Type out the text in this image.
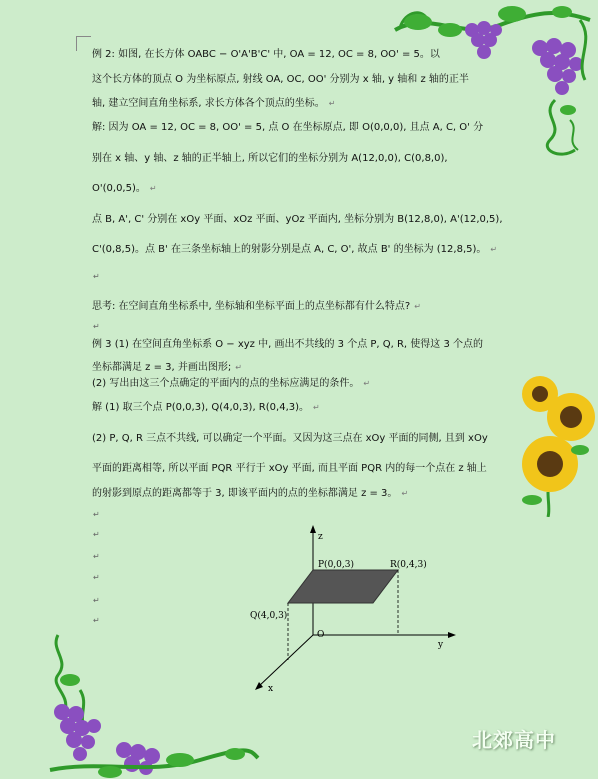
例 2: 如图, 在长方体 OABC − O'A'B'C' 中, OA = 12, OC = 8, OO' = 5。以
这个长方体的顶点 O 为坐标原点, 射线 OA, OC, OO' 分别为 x 轴, y 轴和 z 轴的正半
轴, 建立空间直角坐标系, 求长方体各个顶点的坐标。 ↵
解: 因为 OA = 12, OC = 8, OO' = 5, 点 O 在坐标原点, 即 O(0,0,0), 且点 A, C, O' 分
别在 x 轴、y 轴、z 轴的正半轴上, 所以它们的坐标分别为 A(12,0,0), C(0,8,0),
O'(0,0,5)。 ↵
点 B, A', C' 分别在 xOy 平面、xOz 平面、yOz 平面内, 坐标分别为 B(12,8,0), A'(12,0,5),
C'(0,8,5)。点 B' 在三条坐标轴上的射影分别是点 A, C, O', 故点 B' 的坐标为 (12,8,5)。 ↵
↵
思考: 在空间直角坐标系中, 坐标轴和坐标平面上的点坐标都有什么特点? ↵
↵
例 3 (1) 在空间直角坐标系 O − xyz 中, 画出不共线的 3 个点 P, Q, R, 使得这 3 个点的
坐标都满足 z = 3, 并画出图形; ↵
(2) 写出由这三个点确定的平面内的点的坐标应满足的条件。 ↵
解 (1) 取三个点 P(0,0,3), Q(4,0,3), R(0,4,3)。 ↵
(2) P, Q, R 三点不共线, 可以确定一个平面。又因为这三点在 xOy 平面的同侧, 且到 xOy
平面的距离相等, 所以平面 PQR 平行于 xOy 平面, 而且平面 PQR 内的每一个点在 z 轴上
的射影到原点的距离都等于 3, 即该平面内的点的坐标都满足 z = 3。 ↵
↵
↵
↵
↵
↵
↵
z
y
x
O
P(0,0,3)	R(0,4,3)
Q(4,0,3)
北郊高中
